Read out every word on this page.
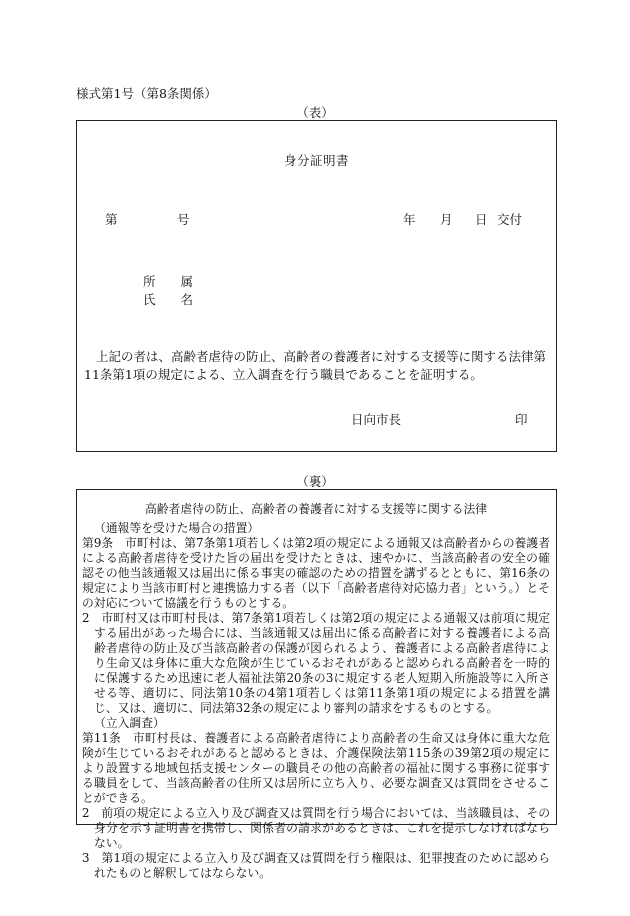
様式第1号（第8条関係）
（表）
身分証明書
第	号	年 月 日 交付
所　　属
氏　　名
上記の者は、高齢者虐待の防止、高齢者の養護者に対する支援等に関する法律第11条第1項の規定による、立入調査を行う職員であることを証明する。
日向市長	印
（裏）
高齢者虐待の防止、高齢者の養護者に対する支援等に関する法律

（通報等を受けた場合の措置）

第9条　市町村は、第7条第1項若しくは第2項の規定による通報又は高齢者からの養護者による高齢者虐待を受けた旨の届出を受けたときは、速やかに、当該高齢者の安全の確認その他当該通報又は届出に係る事実の確認のための措置を講ずるとともに、第16条の規定により当該市町村と連携協力する者（以下「高齢者虐待対応協力者」という。）とその対応について協議を行うものとする。

2　市町村又は市町村長は、第7条第1項若しくは第2項の規定による通報又は前項に規定する届出があった場合には、当該通報又は届出に係る高齢者に対する養護者による高齢者虐待の防止及び当該高齢者の保護が図られるよう、養護者による高齢者虐待により生命又は身体に重大な危険が生じているおそれがあると認められる高齢者を一時的に保護するため迅速に老人福祉法第20条の3に規定する老人短期入所施設等に入所させる等、適切に、同法第10条の4第1項若しくは第11条第1項の規定による措置を講じ、又は、適切に、同法第32条の規定により審判の請求をするものとする。

（立入調査）

第11条　市町村長は、養護者による高齢者虐待により高齢者の生命又は身体に重大な危険が生じているおそれがあると認めるときは、介護保険法第115条の39第2項の規定により設置する地域包括支援センターの職員その他の高齢者の福祉に関する事務に従事する職員をして、当該高齢者の住所又は居所に立ち入り、必要な調査又は質問をさせることができる。

2　前項の規定による立入り及び調査又は質問を行う場合においては、当該職員は、その身分を示す証明書を携帯し、関係者の請求があるときは、これを提示しなければならない。

3　第1項の規定による立入り及び調査又は質問を行う権限は、犯罪捜査のために認められたものと解釈してはならない。
